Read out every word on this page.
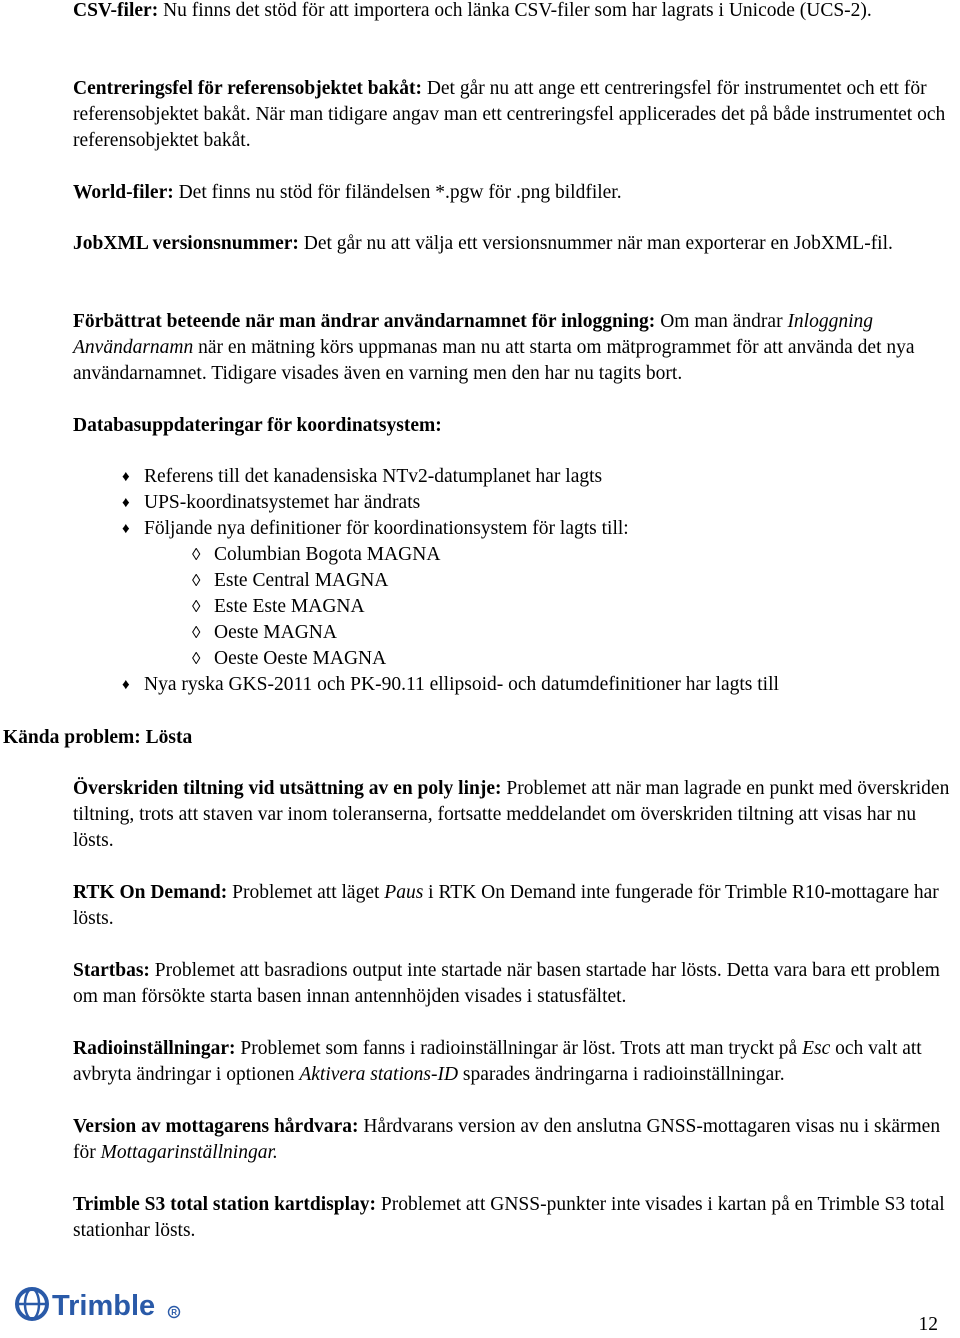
CSV-filer: Nu finns det stöd för att importera och länka CSV-filer som har lagrats i Unicode (UCS-2).

Centreringsfel för referensobjektet bakåt: Det går nu att ange ett centreringsfel för instrumentet och ett för referensobjektet bakåt. När man tidigare angav man ett centreringsfel applicerades det på både instrumentet och referensobjektet bakåt.

World-filer: Det finns nu stöd för filändelsen *.pgw för .png bildfiler.

JobXML versionsnummer: Det går nu att välja ett versionsnummer när man exporterar en JobXML-fil.

Förbättrat beteende när man ändrar användarnamnet för inloggning: Om man ändrar Inloggning Användarnamn när en mätning körs uppmanas man nu att starta om mätprogrammet för att använda det nya användarnamnet. Tidigare visades även en varning men den har nu tagits bort.

Databasuppdateringar för koordinatsystem:

♦ Referens till det kanadensiska NTv2-datumplanet har lagts
♦ UPS-koordinatsystemet har ändrats
♦ Följande nya definitioner för koordinationsystem för lagts till:
◊ Columbian Bogota MAGNA
◊ Este Central MAGNA
◊ Este Este MAGNA
◊ Oeste MAGNA
◊ Oeste Oeste MAGNA
♦ Nya ryska GKS-2011 och PK-90.11 ellipsoid- och datumdefinitioner har lagts till

Kända problem: Lösta

Överskriden tiltning vid utsättning av en poly linje: Problemet att när man lagrade en punkt med överskriden tiltning, trots att staven var inom toleranserna, fortsatte meddelandet om överskriden tiltning att visas har nu lösts.

RTK On Demand: Problemet att läget Paus i RTK On Demand inte fungerade för Trimble R10-mottagare har lösts.

Startbas: Problemet att basradions output inte startade när basen startade har lösts. Detta vara bara ett problem om man försökte starta basen innan antennhöjden visades i statusfältet.

Radioinställningar: Problemet som fanns i radioinställningar är löst. Trots att man tryckt på Esc och valt att avbryta ändringar i optionen Aktivera stations-ID sparades ändringarna i radioinställningar.

Version av mottagarens hårdvara: Hårdvarans version av den anslutna GNSS-mottagaren visas nu i skärmen för Mottagarinställningar.

Trimble S3 total station kartdisplay: Problemet att GNSS-punkter inte visades i kartan på en Trimble S3 total stationhar lösts.

Trimble R
12
